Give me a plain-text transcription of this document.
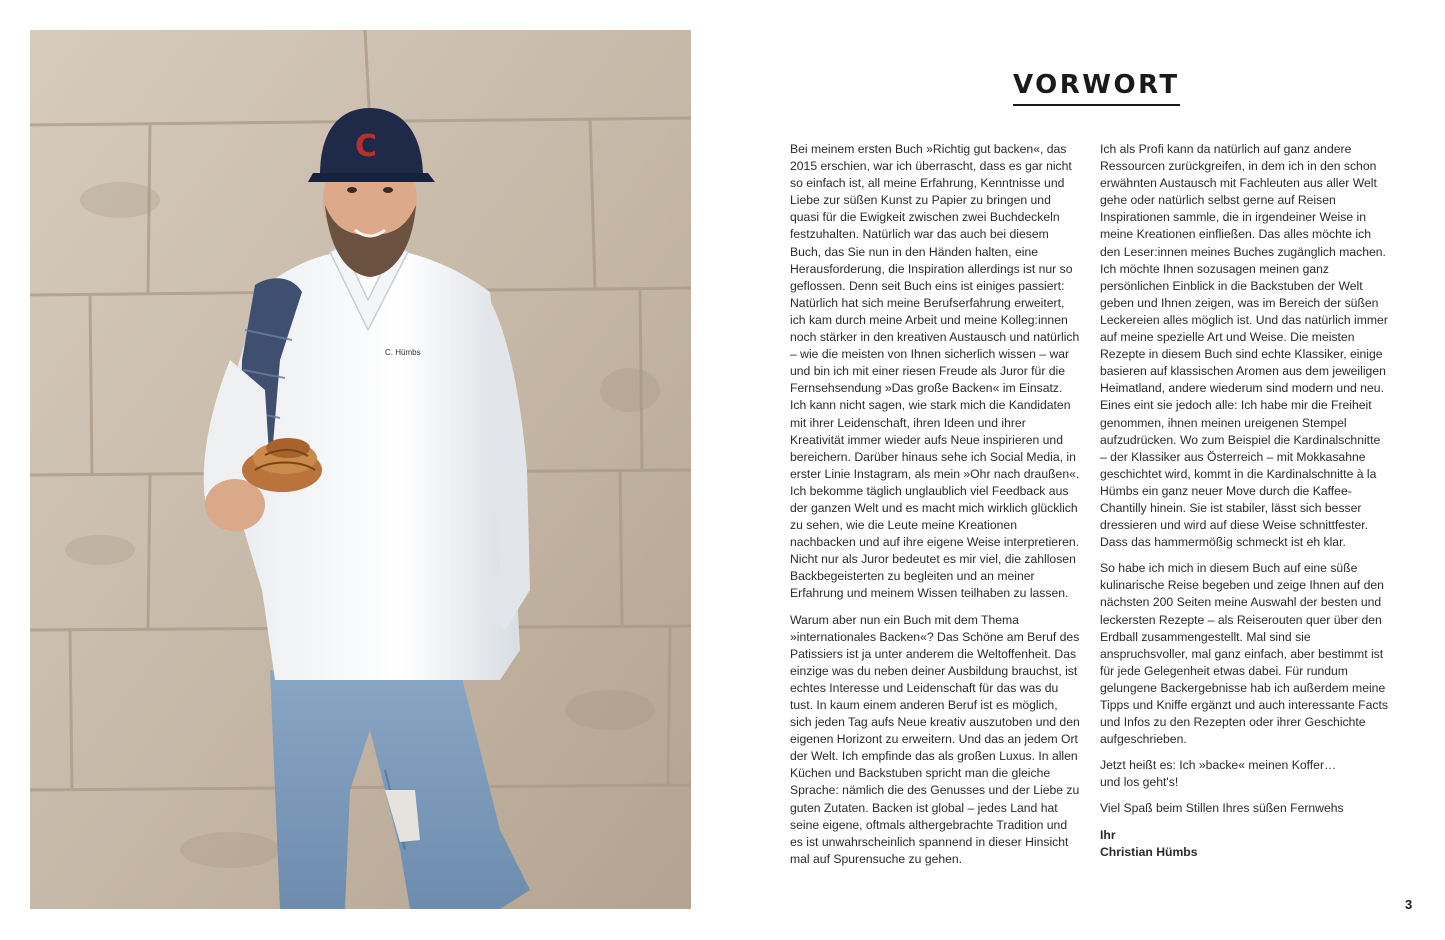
C
C. Hümbs
VORWORT

Bei meinem ersten Buch »Richtig gut backen«, das 2015 erschien, war ich überrascht, dass es gar nicht so einfach ist, all meine Erfahrung, Kenntnisse und Liebe zur süßen Kunst zu Papier zu bringen und quasi für die Ewigkeit zwischen zwei Buchdeckeln festzuhalten. Natürlich war das auch bei diesem Buch, das Sie nun in den Händen halten, eine Herausforderung, die Inspiration allerdings ist nur so geflossen. Denn seit Buch eins ist einiges passiert: Natürlich hat sich meine Berufserfahrung erweitert, ich kam durch meine Arbeit und meine Kolleg:innen noch stärker in den kreativen Austausch und natürlich – wie die meisten von Ihnen sicherlich wissen – war und bin ich mit einer riesen Freude als Juror für die Fernsehsendung »Das große Backen« im Einsatz. Ich kann nicht sagen, wie stark mich die Kandidaten mit ihrer Leidenschaft, ihren Ideen und ihrer Kreativität immer wieder aufs Neue inspirieren und bereichern. Darüber hinaus sehe ich Social Media, in erster Linie Instagram, als mein »Ohr nach draußen«. Ich bekomme täglich unglaublich viel Feedback aus der ganzen Welt und es macht mich wirklich glücklich zu sehen, wie die Leute meine Kreationen nachbacken und auf ihre eigene Weise interpretieren. Nicht nur als Juror bedeutet es mir viel, die zahllosen Backbegeisterten zu begleiten und an meiner Erfahrung und meinem Wissen teilhaben zu lassen.

Warum aber nun ein Buch mit dem Thema »internationales Backen«? Das Schöne am Beruf des Patissiers ist ja unter anderem die Weltoffenheit. Das einzige was du neben deiner Ausbildung brauchst, ist echtes Interesse und Leidenschaft für das was du tust. In kaum einem anderen Beruf ist es möglich, sich jeden Tag aufs Neue kreativ auszutoben und den eigenen Horizont zu erweitern. Und das an jedem Ort der Welt. Ich empfinde das als großen Luxus. In allen Küchen und Backstuben spricht man die gleiche Sprache: nämlich die des Genusses und der Liebe zu guten Zutaten. Backen ist global – jedes Land hat seine eigene, oftmals althergebrachte Tradition und es ist unwahrscheinlich spannend in dieser Hinsicht mal auf Spurensuche zu gehen.

Ich als Profi kann da natürlich auf ganz andere Ressourcen zurückgreifen, in dem ich in den schon erwähnten Austausch mit Fachleuten aus aller Welt gehe oder natürlich selbst gerne auf Reisen Inspirationen sammle, die in irgendeiner Weise in meine Kreationen einfließen. Das alles möchte ich den Leser:innen meines Buches zugänglich machen. Ich möchte Ihnen sozusagen meinen ganz persönlichen Einblick in die Backstuben der Welt geben und Ihnen zeigen, was im Bereich der süßen Leckereien alles möglich ist. Und das natürlich immer auf meine spezielle Art und Weise. Die meisten Rezepte in diesem Buch sind echte Klassiker, einige basieren auf klassischen Aromen aus dem jeweiligen Heimatland, andere wiederum sind modern und neu. Eines eint sie jedoch alle: Ich habe mir die Freiheit genommen, ihnen meinen ureigenen Stempel aufzudrücken. Wo zum Beispiel die Kardinalschnitte – der Klassiker aus Österreich – mit Mokkasahne geschichtet wird, kommt in die Kardinalschnitte à la Hümbs ein ganz neuer Move durch die Kaffee-Chantilly hinein. Sie ist stabiler, lässt sich besser dressieren und wird auf diese Weise schnittfester. Dass das hammermößig schmeckt ist eh klar.

So habe ich mich in diesem Buch auf eine süße kulinarische Reise begeben und zeige Ihnen auf den nächsten 200 Seiten meine Auswahl der besten und leckersten Rezepte – als Reiserouten quer über den Erdball zusammengestellt. Mal sind sie anspruchsvoller, mal ganz einfach, aber bestimmt ist für jede Gelegenheit etwas dabei. Für rundum gelungene Backergebnisse hab ich außerdem meine Tipps und Kniffe ergänzt und auch interessante Facts und Infos zu den Rezepten oder ihrer Geschichte aufgeschrieben.

Jetzt heißt es: Ich »backe« meinen Koffer…

und los geht's!

Viel Spaß beim Stillen Ihres süßen Fernwehs

Ihr

Christian Hümbs

3
